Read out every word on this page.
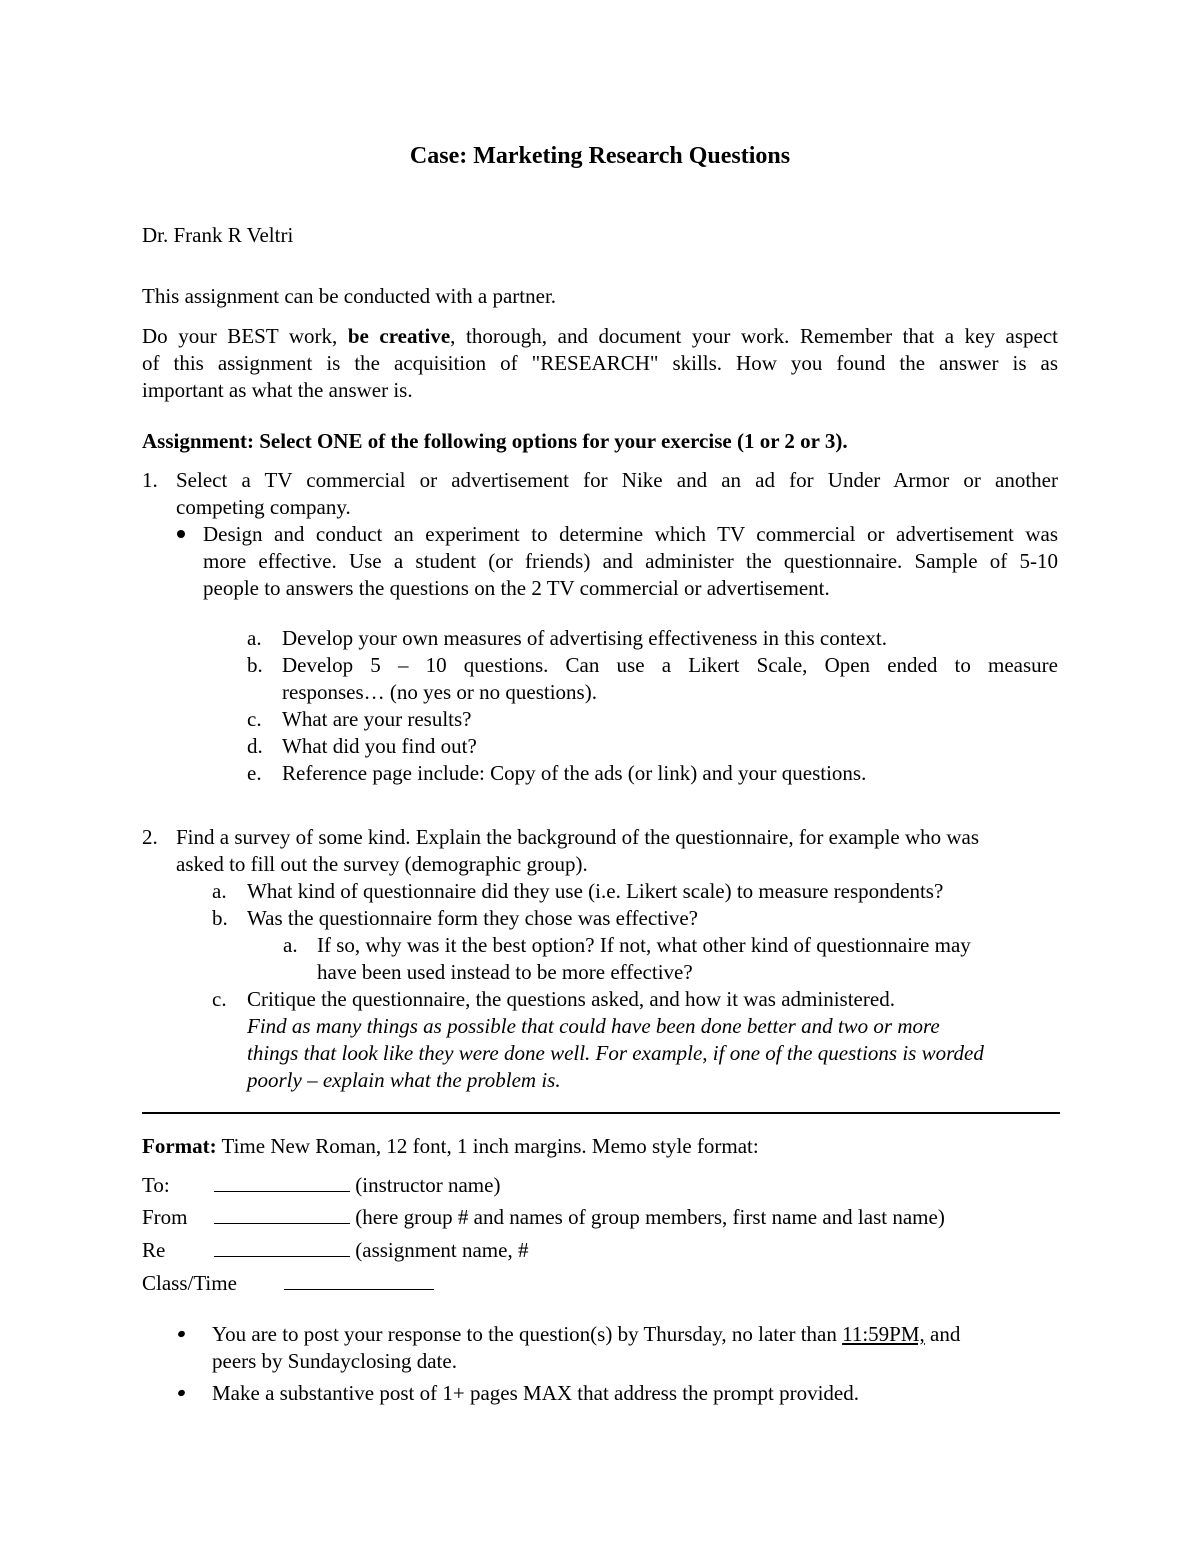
Case: Marketing Research Questions
Dr. Frank R Veltri
This assignment can be conducted with a partner.
Do your BEST work, be creative, thorough, and document your work. Remember that a key aspect
of this assignment is the acquisition of "RESEARCH" skills. How you found the answer is as
important as what the answer is.
Assignment: Select ONE of the following options for your exercise (1 or 2 or 3).
1. Select a TV commercial or advertisement for Nike and an ad for Under Armor or another
competing company.
Design and conduct an experiment to determine which TV commercial or advertisement was
more effective. Use a student (or friends) and administer the questionnaire. Sample of 5-10
people to answers the questions on the 2 TV commercial or advertisement.
a. Develop your own measures of advertising effectiveness in this context.
b. Develop 5 – 10 questions. Can use a Likert Scale, Open ended to measure
responses… (no yes or no questions).
c. What are your results?
d. What did you find out?
e. Reference page include: Copy of the ads (or link) and your questions.
2. Find a survey of some kind. Explain the background of the questionnaire, for example who was
asked to fill out the survey (demographic group).
a. What kind of questionnaire did they use (i.e. Likert scale) to measure respondents?
b. Was the questionnaire form they chose was effective?
a. If so, why was it the best option? If not, what other kind of questionnaire may
have been used instead to be more effective?
c. Critique the questionnaire, the questions asked, and how it was administered.
Find as many things as possible that could have been done better and two or more
things that look like they were done well. For example, if one of the questions is worded
poorly – explain what the problem is.
Format: Time New Roman, 12 font, 1 inch margins. Memo style format:
To:	(instructor name)
From	(here group # and names of group members, first name and last name)
Re	(assignment name, #
Class/Time
You are to post your response to the question(s) by Thursday, no later than 11:59PM, and
peers by Sundayclosing date.
Make a substantive post of 1+ pages MAX that address the prompt provided.
